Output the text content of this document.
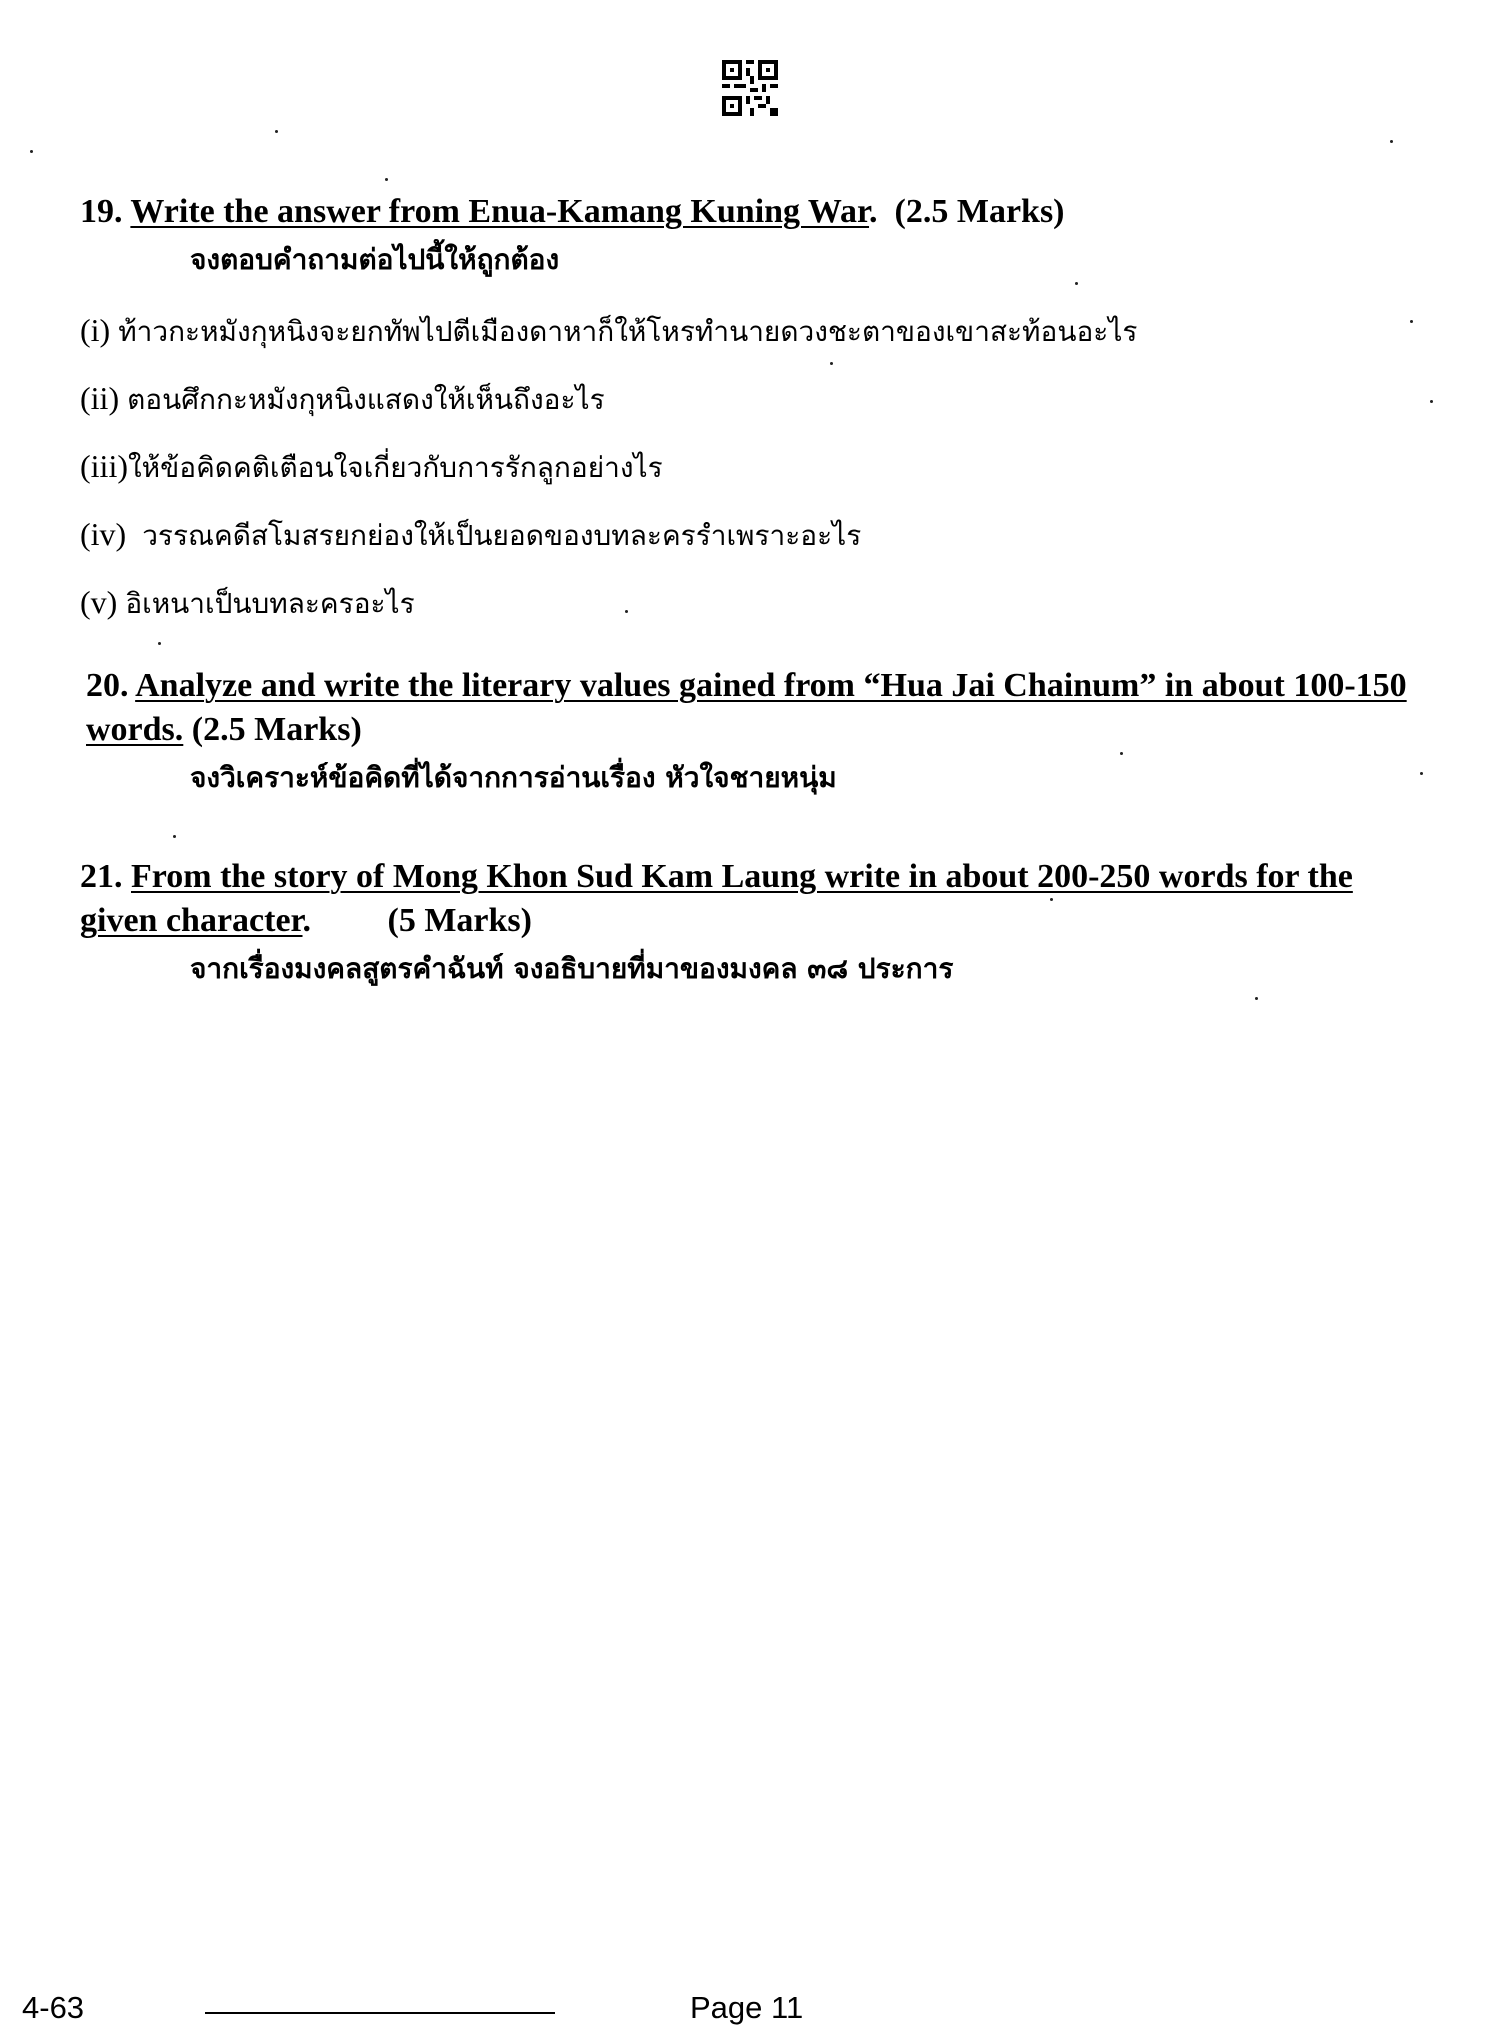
19. Write the answer from Enua-Kamang Kuning War. (2.5 Marks)
จงตอบคำถามต่อไปนี้ให้ถูกต้อง
(i) ท้าวกะหมังกุหนิงจะยกทัพไปตีเมืองดาหาก็ให้โหรทำนายดวงชะตาของเขาสะท้อนอะไร
(ii) ตอนศึกกะหมังกุหนิงแสดงให้เห็นถึงอะไร
(iii)ให้ข้อคิดคติเตือนใจเกี่ยวกับการรักลูกอย่างไร
(iv) วรรณคดีสโมสรยกย่องให้เป็นยอดของบทละครรำเพราะอะไร
(v) อิเหนาเป็นบทละครอะไร
20. Analyze and write the literary values gained from “Hua Jai Chainum” in about 100-150 words. (2.5 Marks)
จงวิเคราะห์ข้อคิดที่ได้จากการอ่านเรื่อง หัวใจชายหนุ่ม
21. From the story of Mong Khon Sud Kam Laung write in about 200-250 words for the given character. (5 Marks)
จากเรื่องมงคลสูตรคำฉันท์ จงอธิบายที่มาของมงคล ๓๘ ประการ
4-63	Page 11
